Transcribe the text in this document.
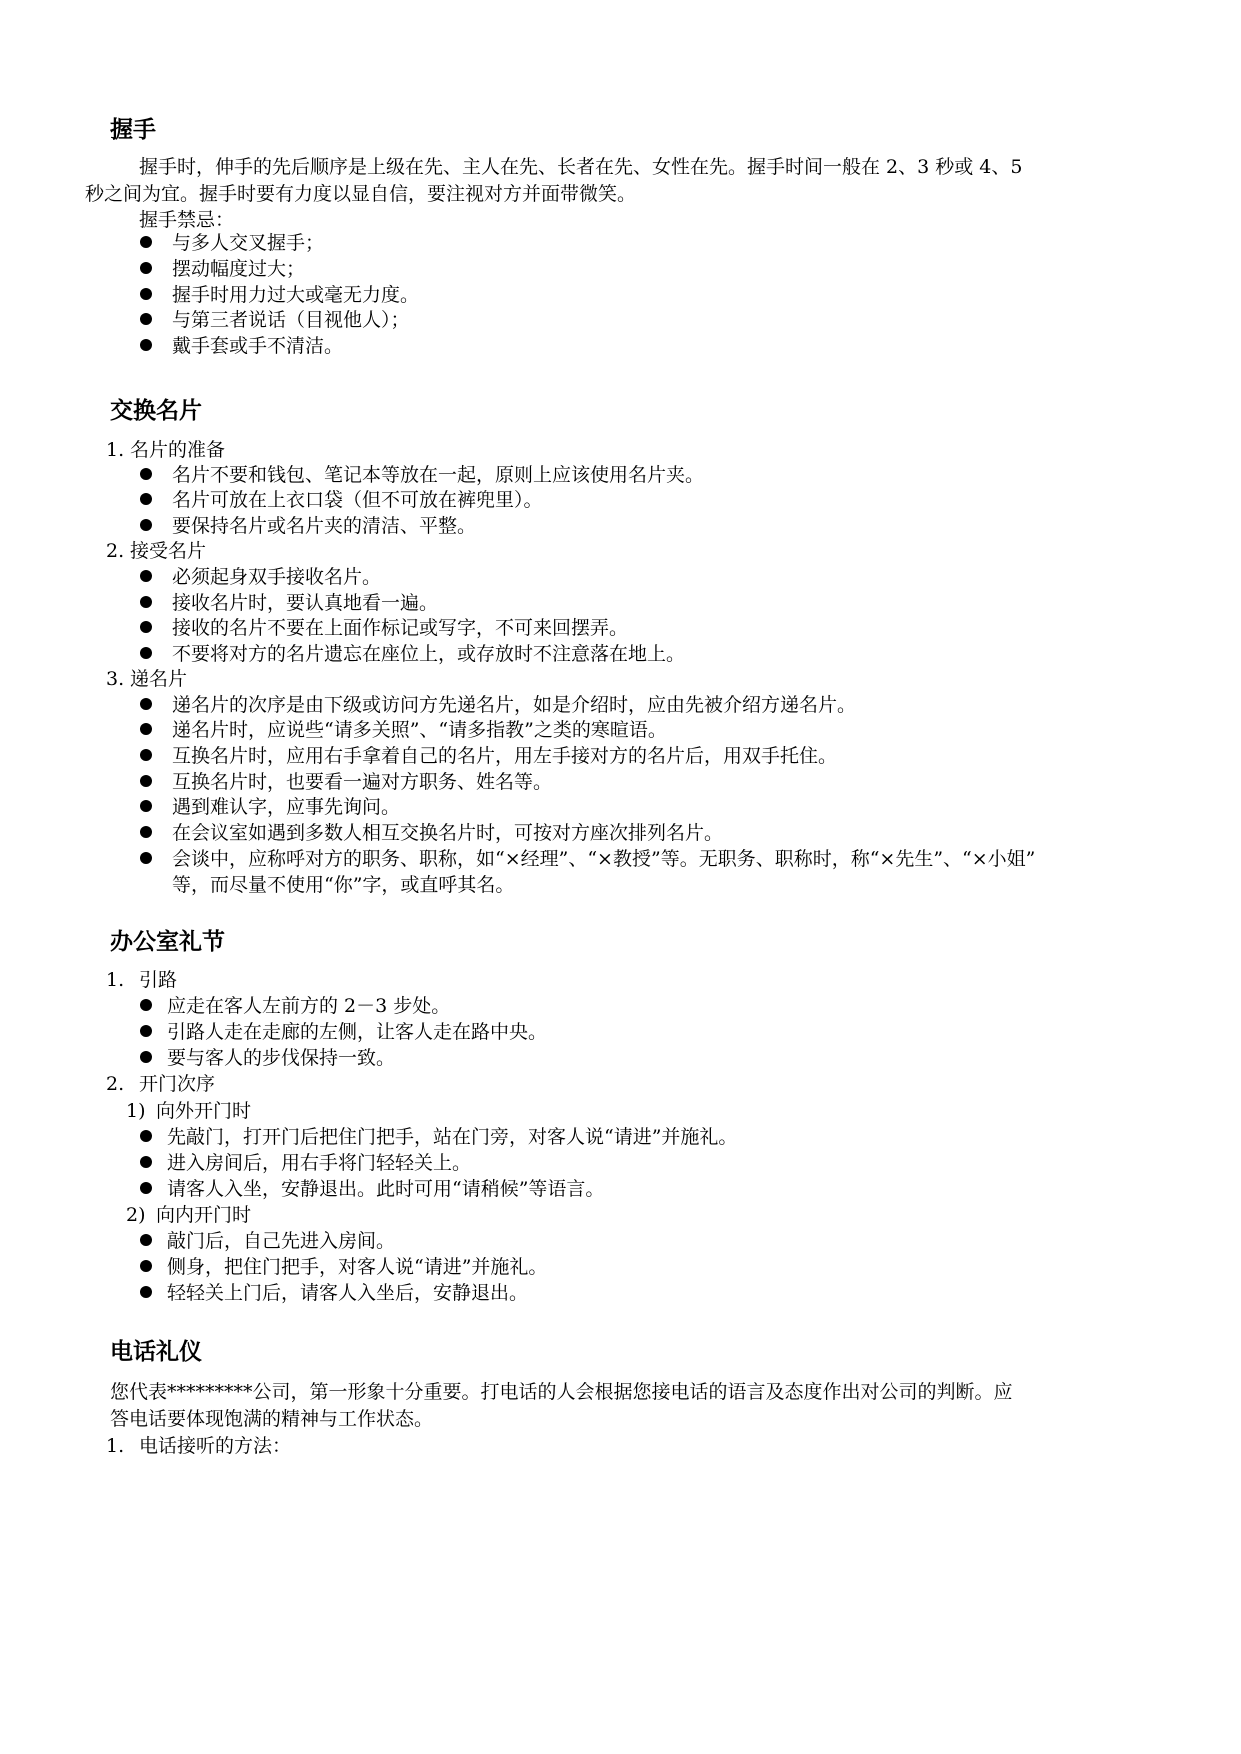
握手
握手时，伸手的先后顺序是上级在先、主人在先、长者在先、女性在先。握手时间一般在 2、3 秒或 4、5
秒之间为宜。握手时要有力度以显自信，要注视对方并面带微笑。
握手禁忌：
与多人交叉握手；
摆动幅度过大；
握手时用力过大或毫无力度。
与第三者说话（目视他人）；
戴手套或手不清洁。
交换名片
1. 名片的准备
名片不要和钱包、笔记本等放在一起，原则上应该使用名片夹。
名片可放在上衣口袋（但不可放在裤兜里）。
要保持名片或名片夹的清洁、平整。
2. 接受名片
必须起身双手接收名片。
接收名片时，要认真地看一遍。
接收的名片不要在上面作标记或写字，不可来回摆弄。
不要将对方的名片遗忘在座位上，或存放时不注意落在地上。
3. 递名片
递名片的次序是由下级或访问方先递名片，如是介绍时，应由先被介绍方递名片。
递名片时，应说些“请多关照”、“请多指教”之类的寒暄语。
互换名片时，应用右手拿着自己的名片，用左手接对方的名片后，用双手托住。
互换名片时，也要看一遍对方职务、姓名等。
遇到难认字，应事先询问。
在会议室如遇到多数人相互交换名片时，可按对方座次排列名片。
会谈中，应称呼对方的职务、职称，如“×经理”、“×教授”等。无职务、职称时，称“×先生”、“×小姐”
等，而尽量不使用“你”字，或直呼其名。
办公室礼节
1. 引路
应走在客人左前方的 2－3 步处。
引路人走在走廊的左侧，让客人走在路中央。
要与客人的步伐保持一致。
2. 开门次序
1) 向外开门时
先敲门，打开门后把住门把手，站在门旁，对客人说“请进”并施礼。
进入房间后，用右手将门轻轻关上。
请客人入坐，安静退出。此时可用“请稍候”等语言。
2) 向内开门时
敲门后，自己先进入房间。
侧身，把住门把手，对客人说“请进”并施礼。
轻轻关上门后，请客人入坐后，安静退出。
电话礼仪
您代表*********公司，第一形象十分重要。打电话的人会根据您接电话的语言及态度作出对公司的判断。应
答电话要体现饱满的精神与工作状态。
1. 电话接听的方法：
